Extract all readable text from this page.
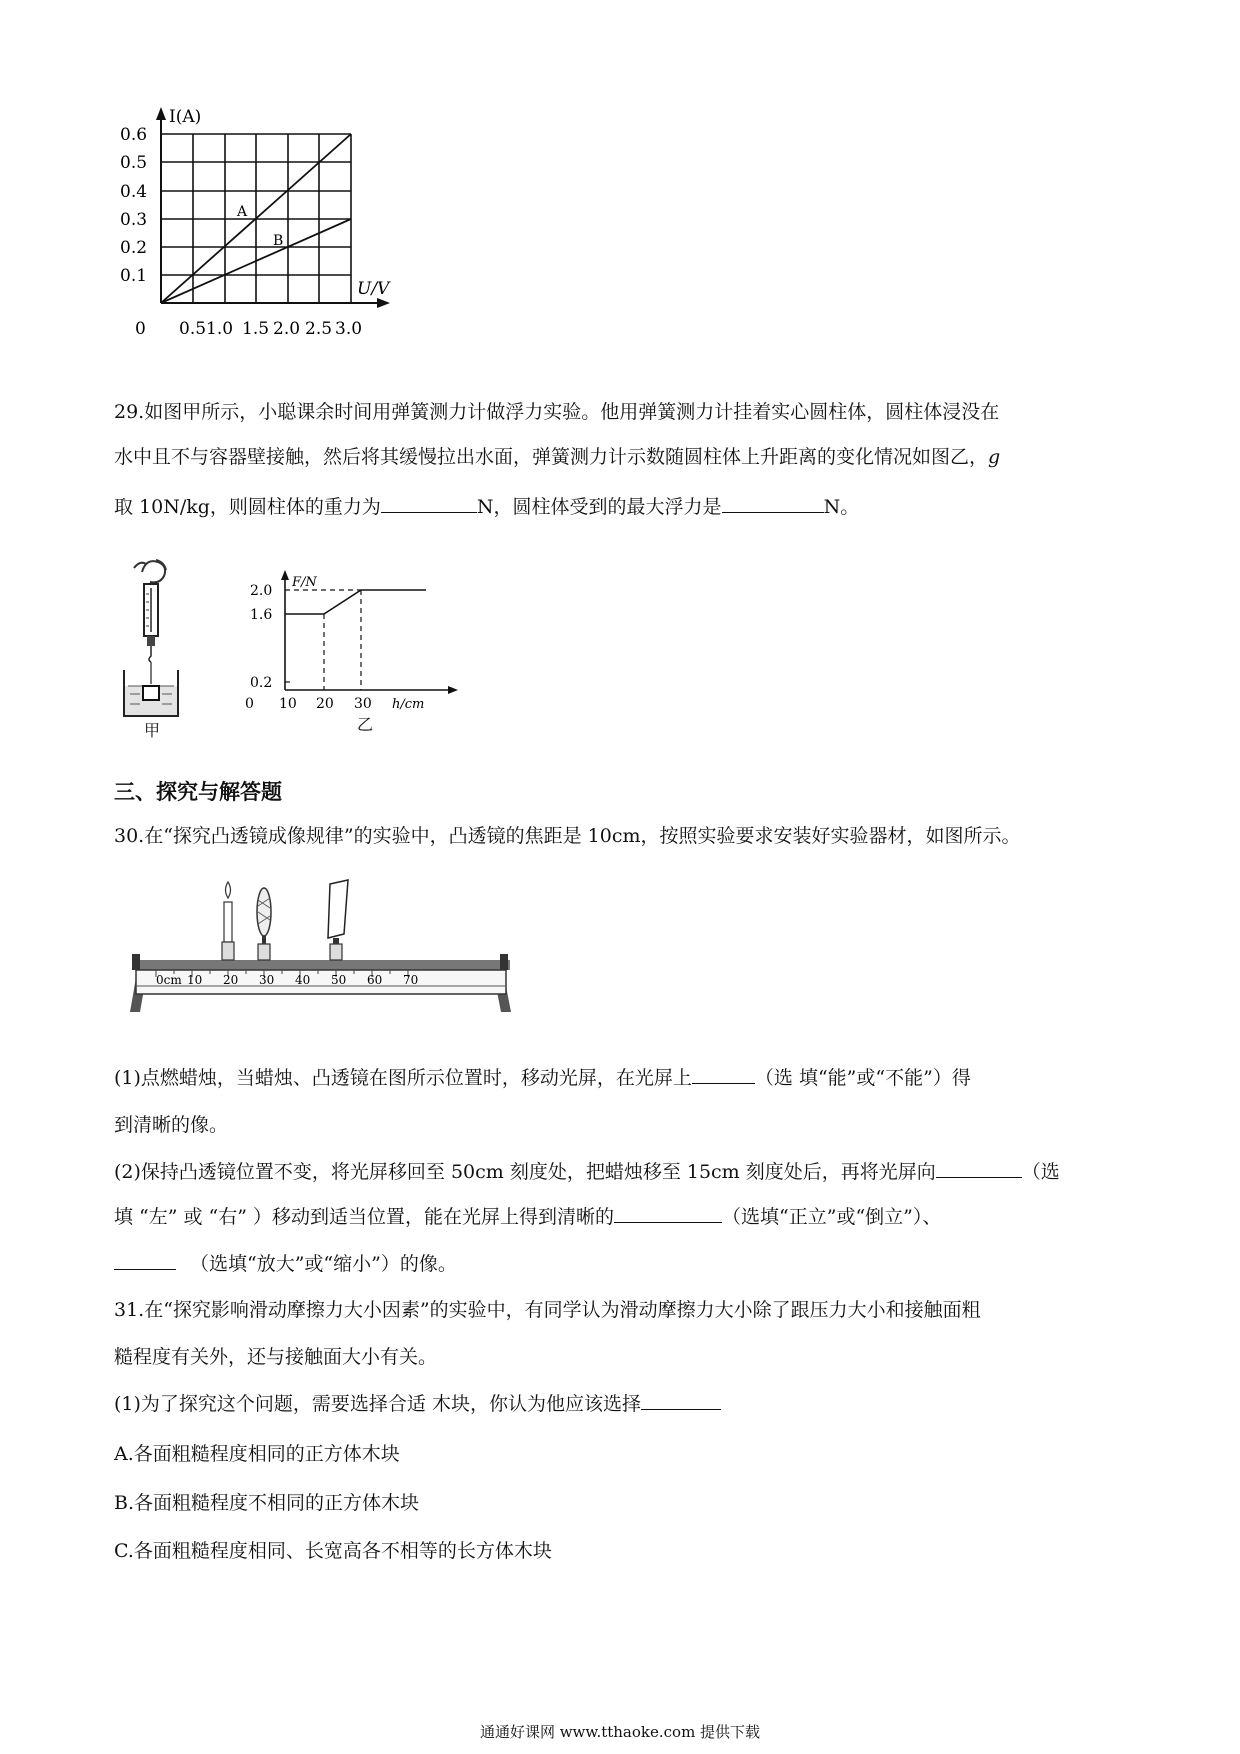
A
B
I(A)
U/V
0.6
0.5
0.4
0.3
0.2
0.1
0 0.5 1.0 1.5 2.0 2.5 3.0
29.如图甲所示，小聪课余时间用弹簧测力计做浮力实验。他用弹簧测力计挂着实心圆柱体，圆柱体浸没在
水中且不与容器壁接触，然后将其缓慢拉出水面，弹簧测力计示数随圆柱体上升距离的变化情况如图乙，g
取 10N/kg，则圆柱体的重力为	N，圆柱体受到的最大浮力是	N。
甲
F/N
2.0
1.6
0.2
0 10 20 30 h/cm
乙
三、探究与解答题
30.在“探究凸透镜成像规律”的实验中，凸透镜的焦距是 10cm，按照实验要求安装好实验器材，如图所示。
0cm 10 20 30 40 50 60 70
(1)点燃蜡烛，当蜡烛、凸透镜在图所示位置时，移动光屏，在光屏上	（选 填“能”或“不能”）得
到清晰的像。
(2)保持凸透镜位置不变，将光屏移回至 50cm 刻度处，把蜡烛移至 15cm 刻度处后，再将光屏向	（选
填 “左” 或 “右” ）移动到适当位置，能在光屏上得到清晰的	（选填“正立”或“倒立”）、
（选填“放大”或“缩小”）的像。
31.在“探究影响滑动摩擦力大小因素”的实验中，有同学认为滑动摩擦力大小除了跟压力大小和接触面粗
糙程度有关外，还与接触面大小有关。
(1)为了探究这个问题，需要选择合适 木块，你认为他应该选择
A.各面粗糙程度相同的正方体木块
B.各面粗糙程度不相同的正方体木块
C.各面粗糙程度相同、长宽高各不相等的长方体木块
通通好课网 www.tthaoke.com 提供下载
